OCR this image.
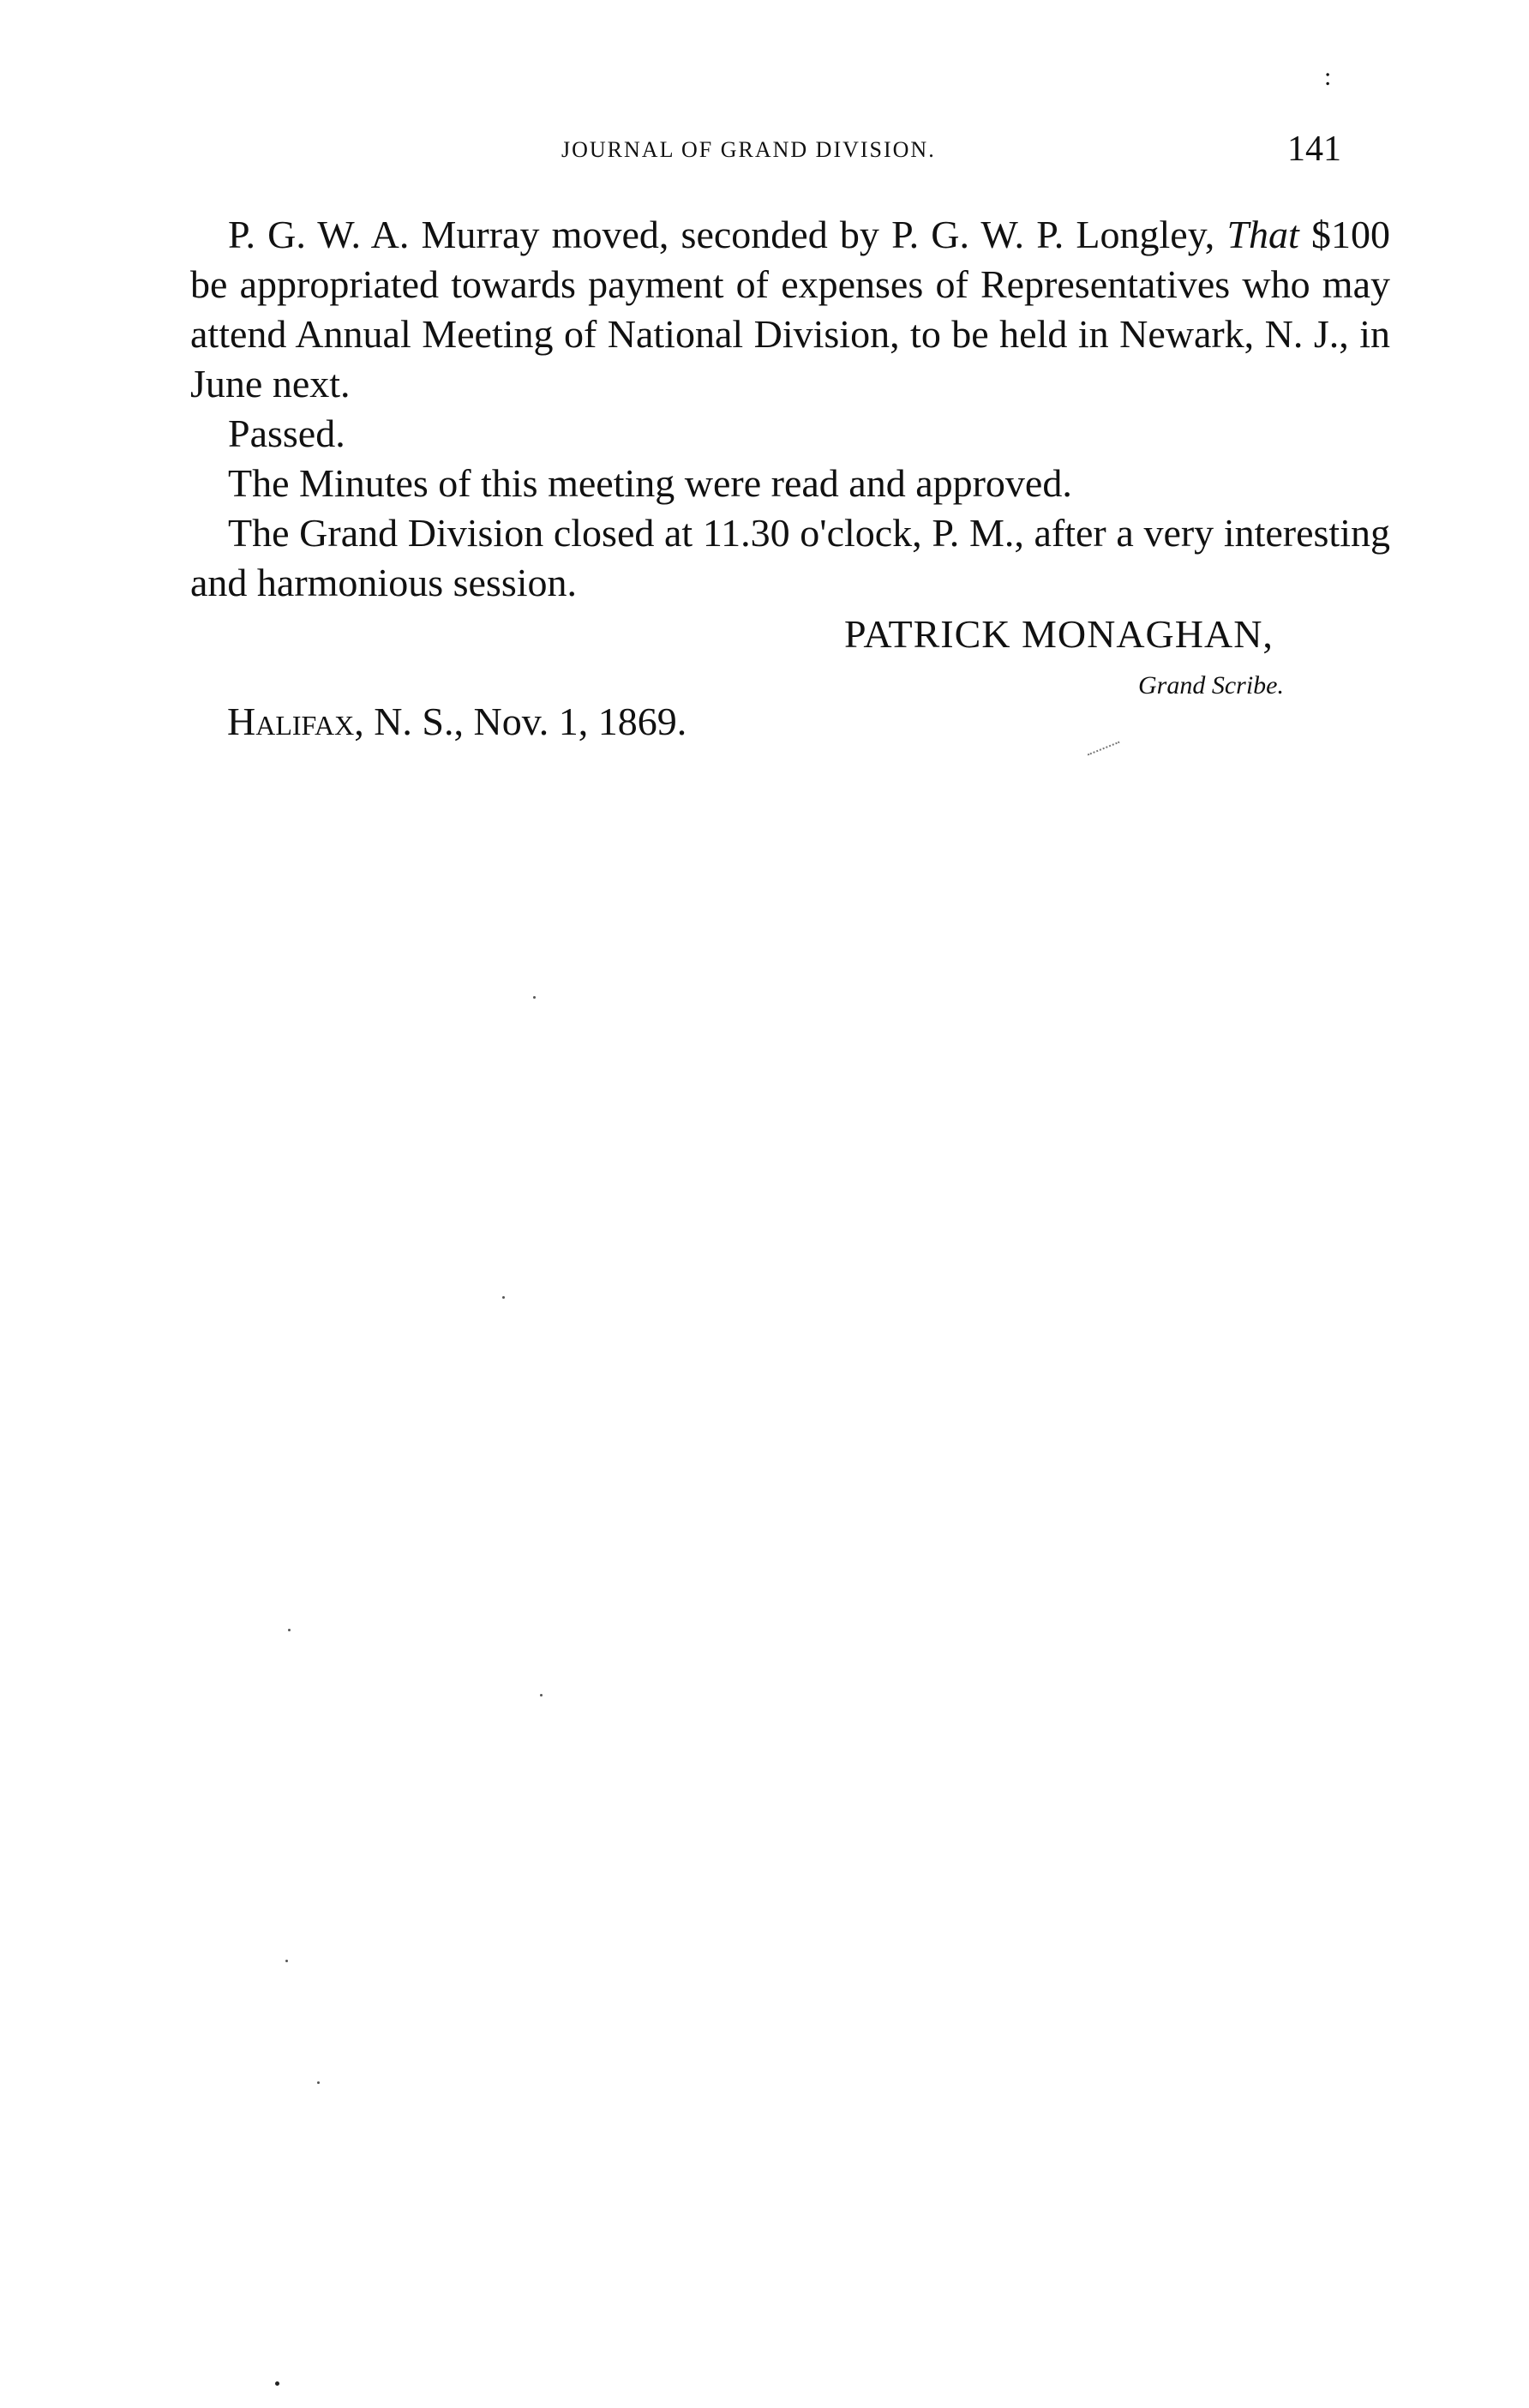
:
JOURNAL OF GRAND DIVISION.	141

P. G. W. A. Murray moved, seconded by P. G. W. P. Longley, That $100 be appropriated towards payment of expenses of Representatives who may attend Annual Meeting of National Division, to be held in Newark, N. J., in June next.

Passed.

The Minutes of this meeting were read and approved.

The Grand Division closed at 11.30 o'clock, P. M., after a very interesting and harmonious session.

PATRICK MONAGHAN,
Grand Scribe.
Halifax, N. S., Nov. 1, 1869.
